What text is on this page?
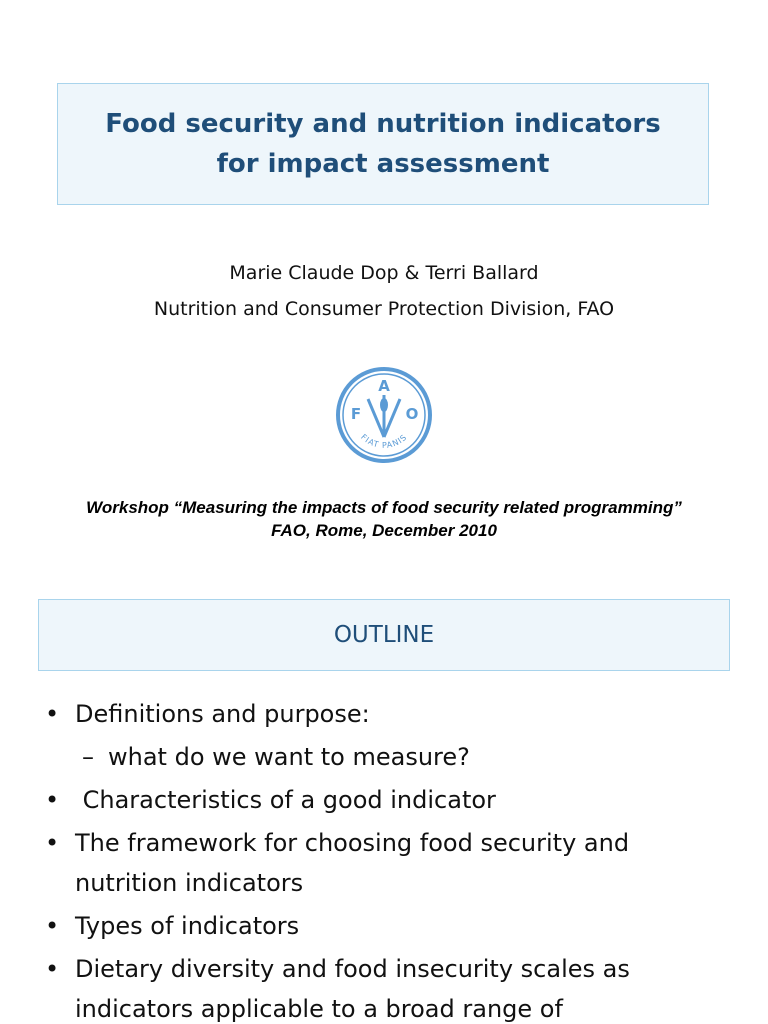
Food security and nutrition indicators for impact assessment
Marie Claude Dop & Terri Ballard
Nutrition and Consumer Protection Division, FAO
A
F	O
FIAT PANIS
Workshop “Measuring the impacts of food security related programming”
FAO, Rome, December 2010
OUTLINE
• Definitions and purpose:
– what do we want to measure?
• Characteristics of a good indicator
• The framework for choosing food security and nutrition indicators
• Types of indicators
• Dietary diversity and food insecurity scales as indicators applicable to a broad range of
